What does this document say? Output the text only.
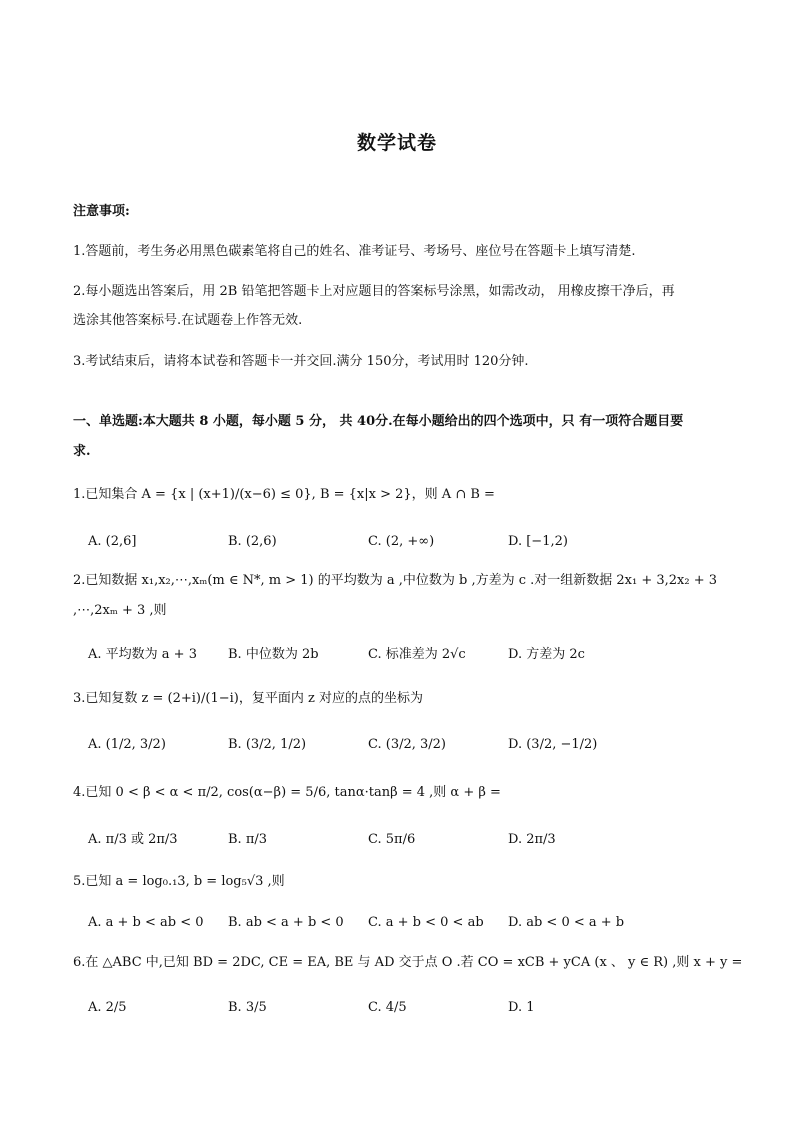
数学试卷
注意事项:
1.答题前，考生务必用黑色碳素笔将自己的姓名、准考证号、考场号、座位号在答题卡上填写清楚.
2.每小题选出答案后，用 2B 铅笔把答题卡上对应题目的答案标号涂黑，如需改动， 用橡皮擦干净后，再
选涂其他答案标号.在试题卷上作答无效.
3.考试结束后，请将本试卷和答题卡一并交回.满分 150分，考试用时 120分钟.
一、单选题:本大题共 8 小题，每小题 5 分， 共 40分.在每小题给出的四个选项中，只 有一项符合题目要
求.
1.已知集合 A = {x | (x+1)/(x−6) ≤ 0}, B = {x|x > 2}，则 A ∩ B =
A. (2,6]	B. (2,6)	C. (2, +∞)	D. [−1,2)
2.已知数据 x₁,x₂,⋯,xₘ(m ∈ N*, m > 1) 的平均数为 a ,中位数为 b ,方差为 c .对一组新数据 2x₁ + 3,2x₂ + 3
,⋯,2xₘ + 3 ,则
A. 平均数为 a + 3 B. 中位数为 2b	C. 标准差为 2√c	D. 方差为 2c
3.已知复数 z = (2+i)/(1−i)，复平面内 z 对应的点的坐标为
A. (1/2, 3/2)	B. (3/2, 1/2)	C. (3/2, 3/2)	D. (3/2, −1/2)
4.已知 0 < β < α < π/2, cos(α−β) = 5/6, tanα·tanβ = 4 ,则 α + β =
A. π/3 或 2π/3	B. π/3	C. 5π/6	D. 2π/3
5.已知 a = log₀.₁3, b = log₅√3 ,则
A. a + b < ab < 0 B. ab < a + b < 0 C. a + b < 0 < ab D. ab < 0 < a + b
6.在 △ABC 中,已知 BD = 2DC, CE = EA, BE 与 AD 交于点 O .若 CO = xCB + yCA (x 、 y ∈ R) ,则 x + y =
A. 2/5	B. 3/5	C. 4/5	D. 1
